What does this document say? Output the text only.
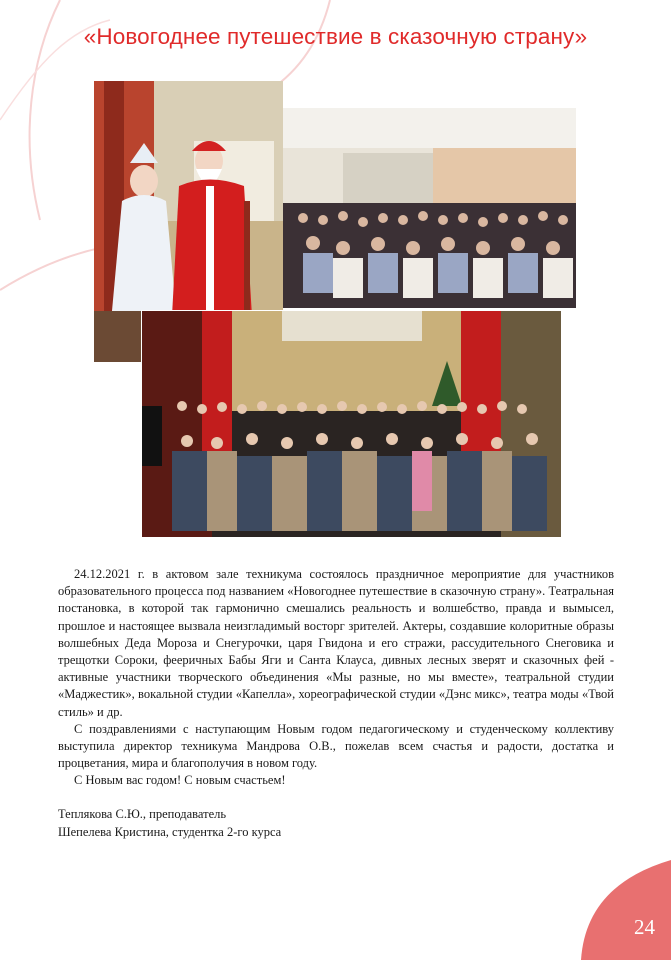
«Новогоднее путешествие в сказочную страну»

24.12.2021 г. в актовом зале техникума состоялось праздничное мероприятие для участников образовательного процесса под названием «Новогоднее путешествие в сказочную страну». Театральная постановка, в которой так гармонично смешались реальность и волшебство, правда и вымысел, прошлое и настоящее вызвала неизгладимый восторг зрителей. Актеры, создавшие колоритные образы волшебных Деда Мороза и Снегурочки, царя Гвидона и его стражи, рассудительного Снеговика и трещотки Сороки, фееричных Бабы Яги и Санта Клауса, дивных лесных зверят и сказочных фей - активные участники творческого объединения «Мы разные, но мы вместе», театральной студии «Маджестик», вокальной студии «Капелла», хореографической студии «Дэнс микс», театра моды «Твой стиль» и др.

С поздравлениями с наступающим Новым годом педагогическому и студенческому коллективу выступила директор техникума Мандрова О.В., пожелав всем счастья и радости, достатка и процветания, мира и благополучия в новом году.

С Новым вас годом! С новым счастьем!

Теплякова С.Ю., преподаватель
Шепелева Кристина, студентка 2-го курса
24
